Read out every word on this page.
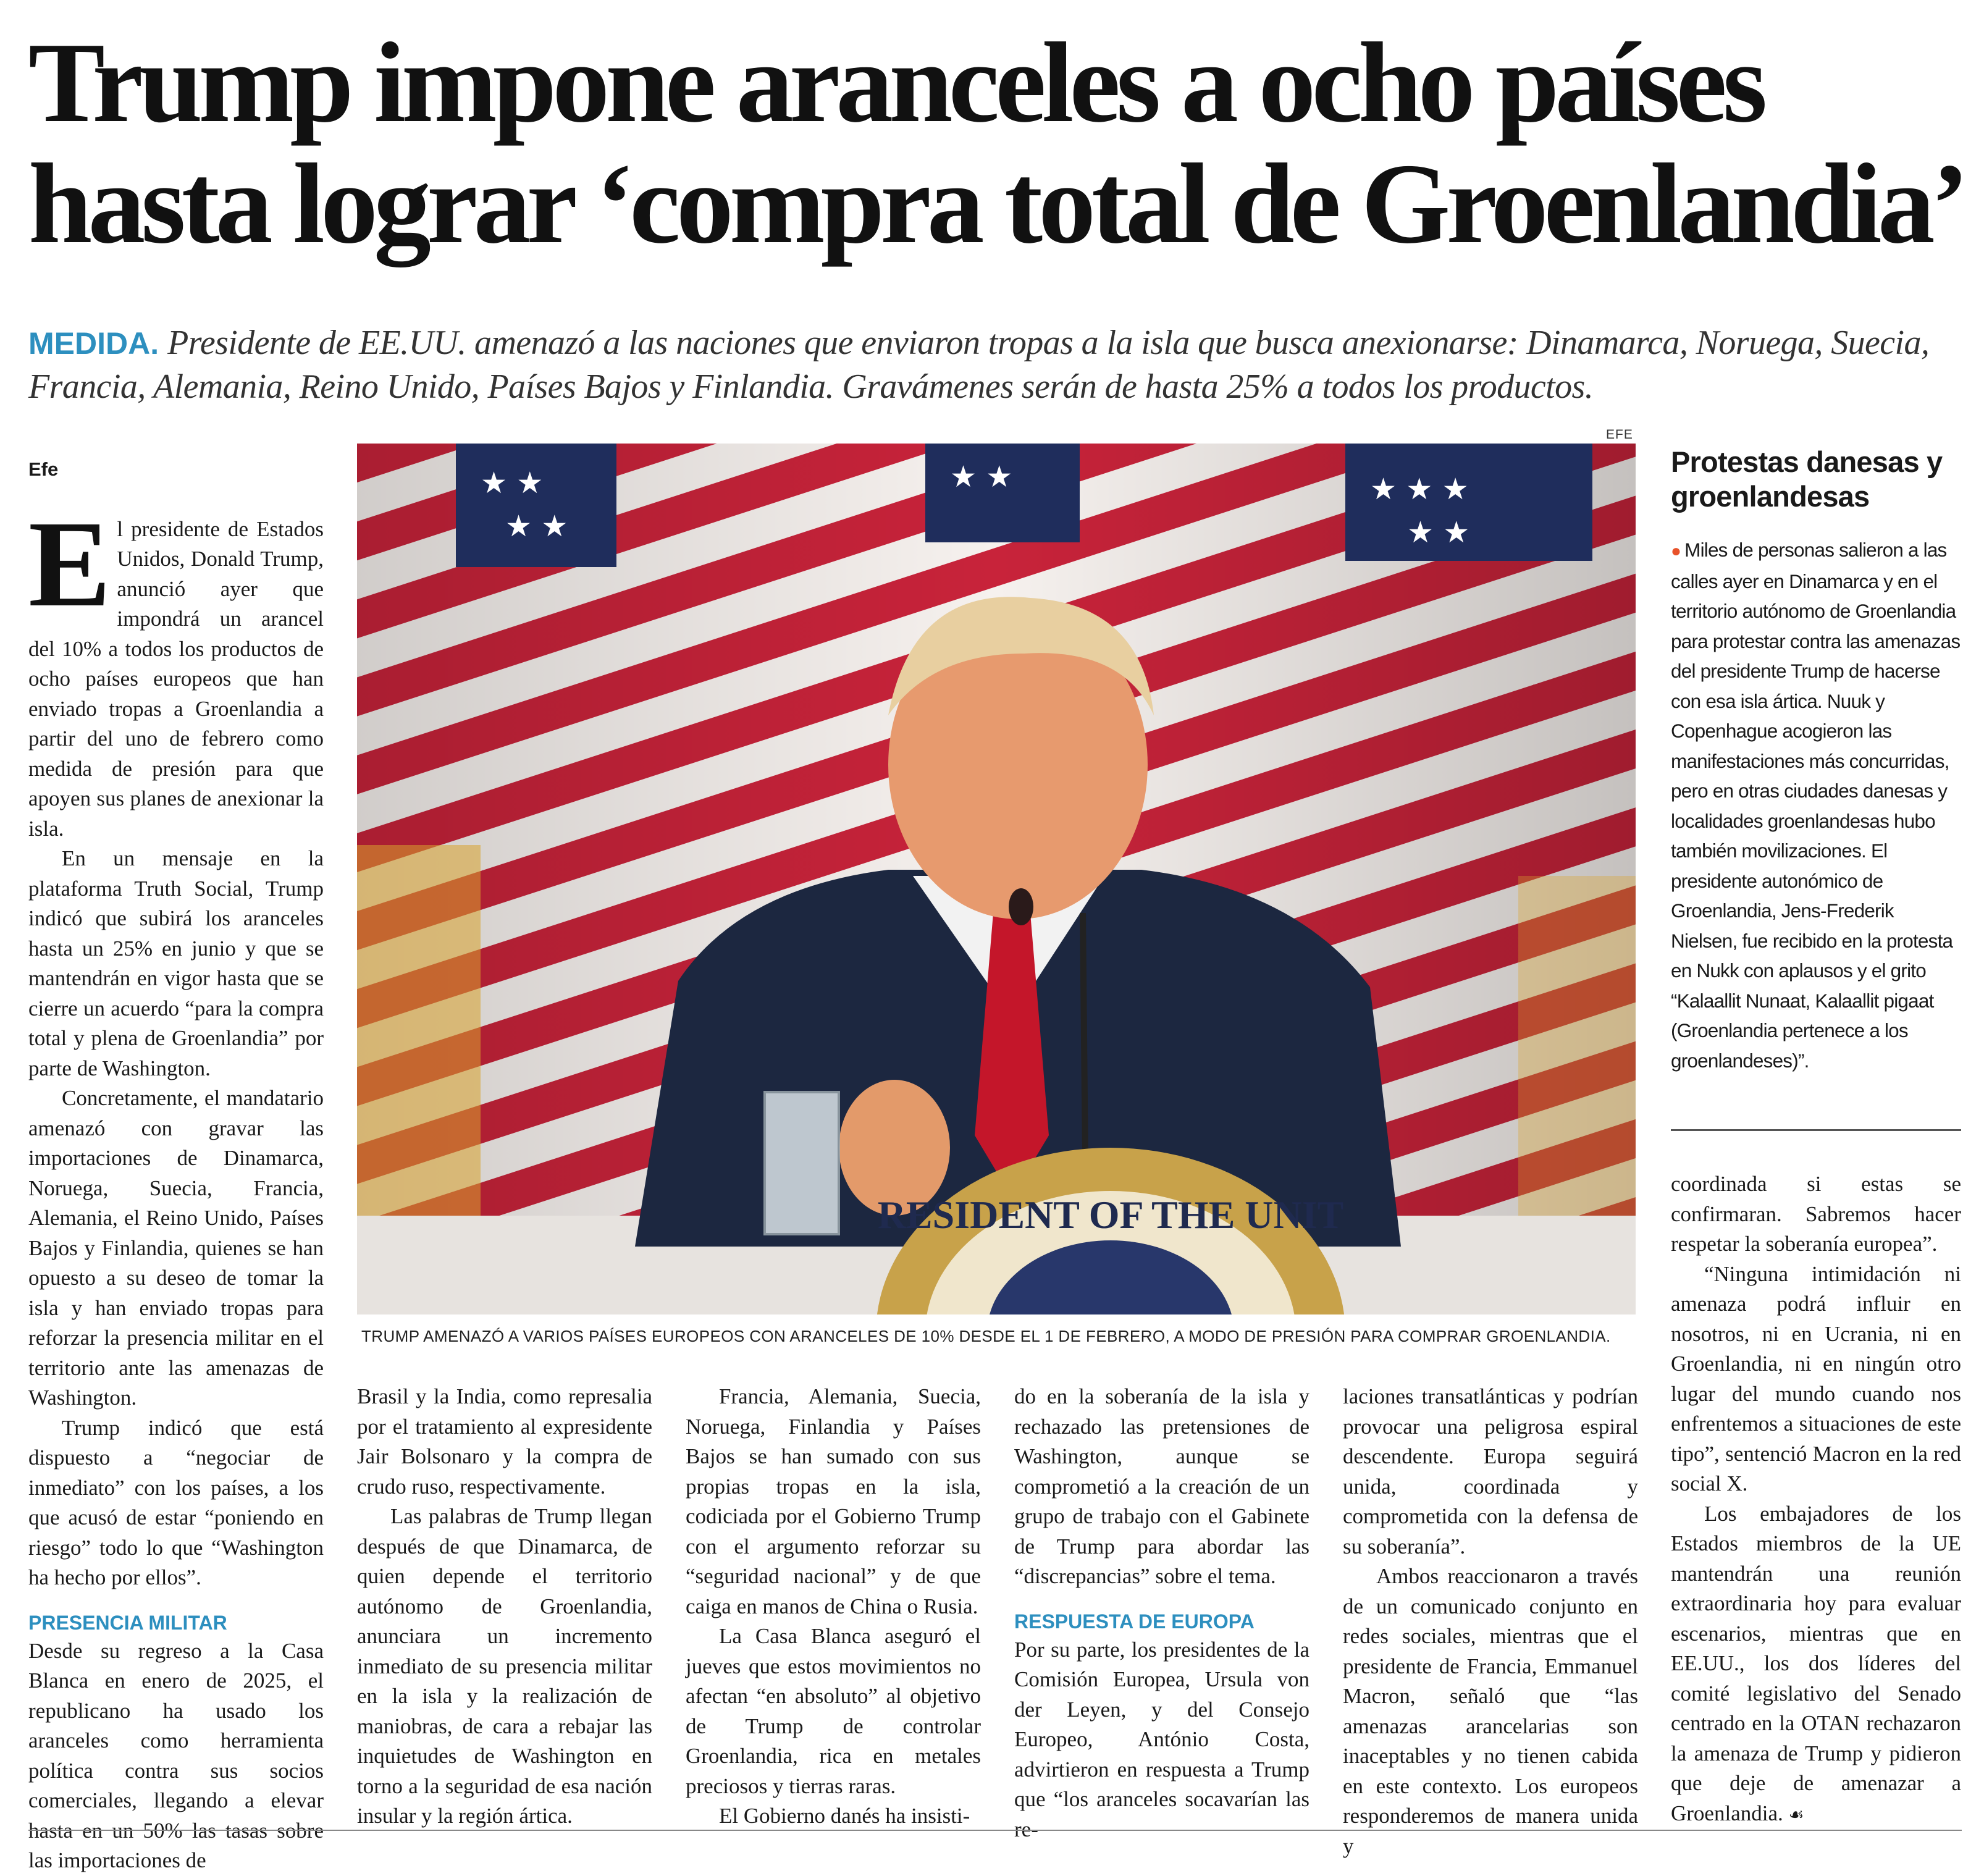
Trump impone aranceles a ocho países
hasta lograr ‘compra total de Groenlandia’
MEDIDA. Presidente de EE.UU. amenazó a las naciones que enviaron tropas a la isla que busca anexionarse: Dinamarca, Noruega, Suecia, Francia, Alemania, Reino Unido, Países Bajos y Finlandia. Gravámenes serán de hasta 25% a todos los productos.
Efe

El presidente de Estados Unidos, Donald Trump, anunció ayer que impondrá un arancel del 10% a todos los productos de ocho países europeos que han enviado tropas a Groenlandia a partir del uno de febrero como medida de presión para que apoyen sus planes de anexionar la isla.

En un mensaje en la plataforma Truth Social, Trump indicó que subirá los aranceles hasta un 25% en junio y que se mantendrán en vigor hasta que se cierre un acuerdo “para la compra total y plena de Groenlandia” por parte de Washington.

Concretamente, el mandatario amenazó con gravar las importaciones de Dinamarca, Noruega, Suecia, Francia, Alemania, el Reino Unido, Países Bajos y Finlandia, quienes se han opuesto a su deseo de tomar la isla y han enviado tropas para reforzar la presencia militar en el territorio ante las amenazas de Washington.

Trump indicó que está dispuesto a “negociar de inmediato” con los países, a los que acusó de estar “poniendo en riesgo” todo lo que “Washington ha hecho por ellos”.

PRESENCIA MILITAR

Desde su regreso a la Casa Blanca en enero de 2025, el republicano ha usado los aranceles como herramienta política contra sus socios comerciales, llegando a elevar hasta en un 50% las tasas sobre las importaciones de

EFE
★ ★
★ ★
★ ★	★ ★ ★
★ ★
RESIDENT OF THE UNIT
TRUMP AMENAZÓ A VARIOS PAÍSES EUROPEOS CON ARANCELES DE 10% DESDE EL 1 DE FEBRERO, A MODO DE PRESIÓN PARA COMPRAR GROENLANDIA.

Brasil y la India, como represalia por el tratamiento al expresidente Jair Bolsonaro y la compra de crudo ruso, respectivamente.

Las palabras de Trump llegan después de que Dinamarca, de quien depende el territorio autónomo de Groenlandia, anunciara un incremento inmediato de su presencia militar en la isla y la realización de maniobras, de cara a rebajar las inquietudes de Washington en torno a la seguridad de esa nación insular y la región ártica.

Francia, Alemania, Suecia, Noruega, Finlandia y Países Bajos se han sumado con sus propias tropas en la isla, codiciada por el Gobierno Trump con el argumento reforzar su “seguridad nacional” y de que caiga en manos de China o Rusia.

La Casa Blanca aseguró el jueves que estos movimientos no afectan “en absoluto” al objetivo de Trump de controlar Groenlandia, rica en metales preciosos y tierras raras.

El Gobierno danés ha insisti-

do en la soberanía de la isla y rechazado las pretensiones de Washington, aunque se comprometió a la creación de un grupo de trabajo con el Gabinete de Trump para abordar las “discrepancias” sobre el tema.

RESPUESTA DE EUROPA

Por su parte, los presidentes de la Comisión Europea, Ursula von der Leyen, y del Consejo Europeo, António Costa, advirtieron en respuesta a Trump que “los aranceles socavarían las re-

laciones transatlánticas y podrían provocar una peligrosa espiral descendente. Europa seguirá unida, coordinada y comprometida con la defensa de su soberanía”.

Ambos reaccionaron a través de un comunicado conjunto en redes sociales, mientras que el presidente de Francia, Emmanuel Macron, señaló que “las amenazas arancelarias son inaceptables y no tienen cabida en este contexto. Los europeos responderemos de manera unida y

Protestas danesas y groenlandesas
● Miles de personas salieron a las calles ayer en Dinamarca y en el territorio autónomo de Groenlandia para protestar contra las amenazas del presidente Trump de hacerse con esa isla ártica. Nuuk y Copenhague acogieron las manifestaciones más concurridas, pero en otras ciudades danesas y localidades groenlandesas hubo también movilizaciones. El presidente autonómico de Groenlandia, Jens-Frederik Nielsen, fue recibido en la protesta en Nukk con aplausos y el grito “Kalaallit Nunaat, Kalaallit pigaat (Groenlandia pertenece a los groenlandeses)”.

coordinada si estas se confirmaran. Sabremos hacer respetar la soberanía europea”.

“Ninguna intimidación ni amenaza podrá influir en nosotros, ni en Ucrania, ni en Groenlandia, ni en ningún otro lugar del mundo cuando nos enfrentemos a situaciones de este tipo”, sentenció Macron en la red social X.

Los embajadores de los Estados miembros de la UE mantendrán una reunión extraordinaria hoy para evaluar escenarios, mientras que en EE.UU., los dos líderes del comité legislativo del Senado centrado en la OTAN rechazaron la amenaza de Trump y pidieron que deje de amenazar a Groenlandia. ☙
